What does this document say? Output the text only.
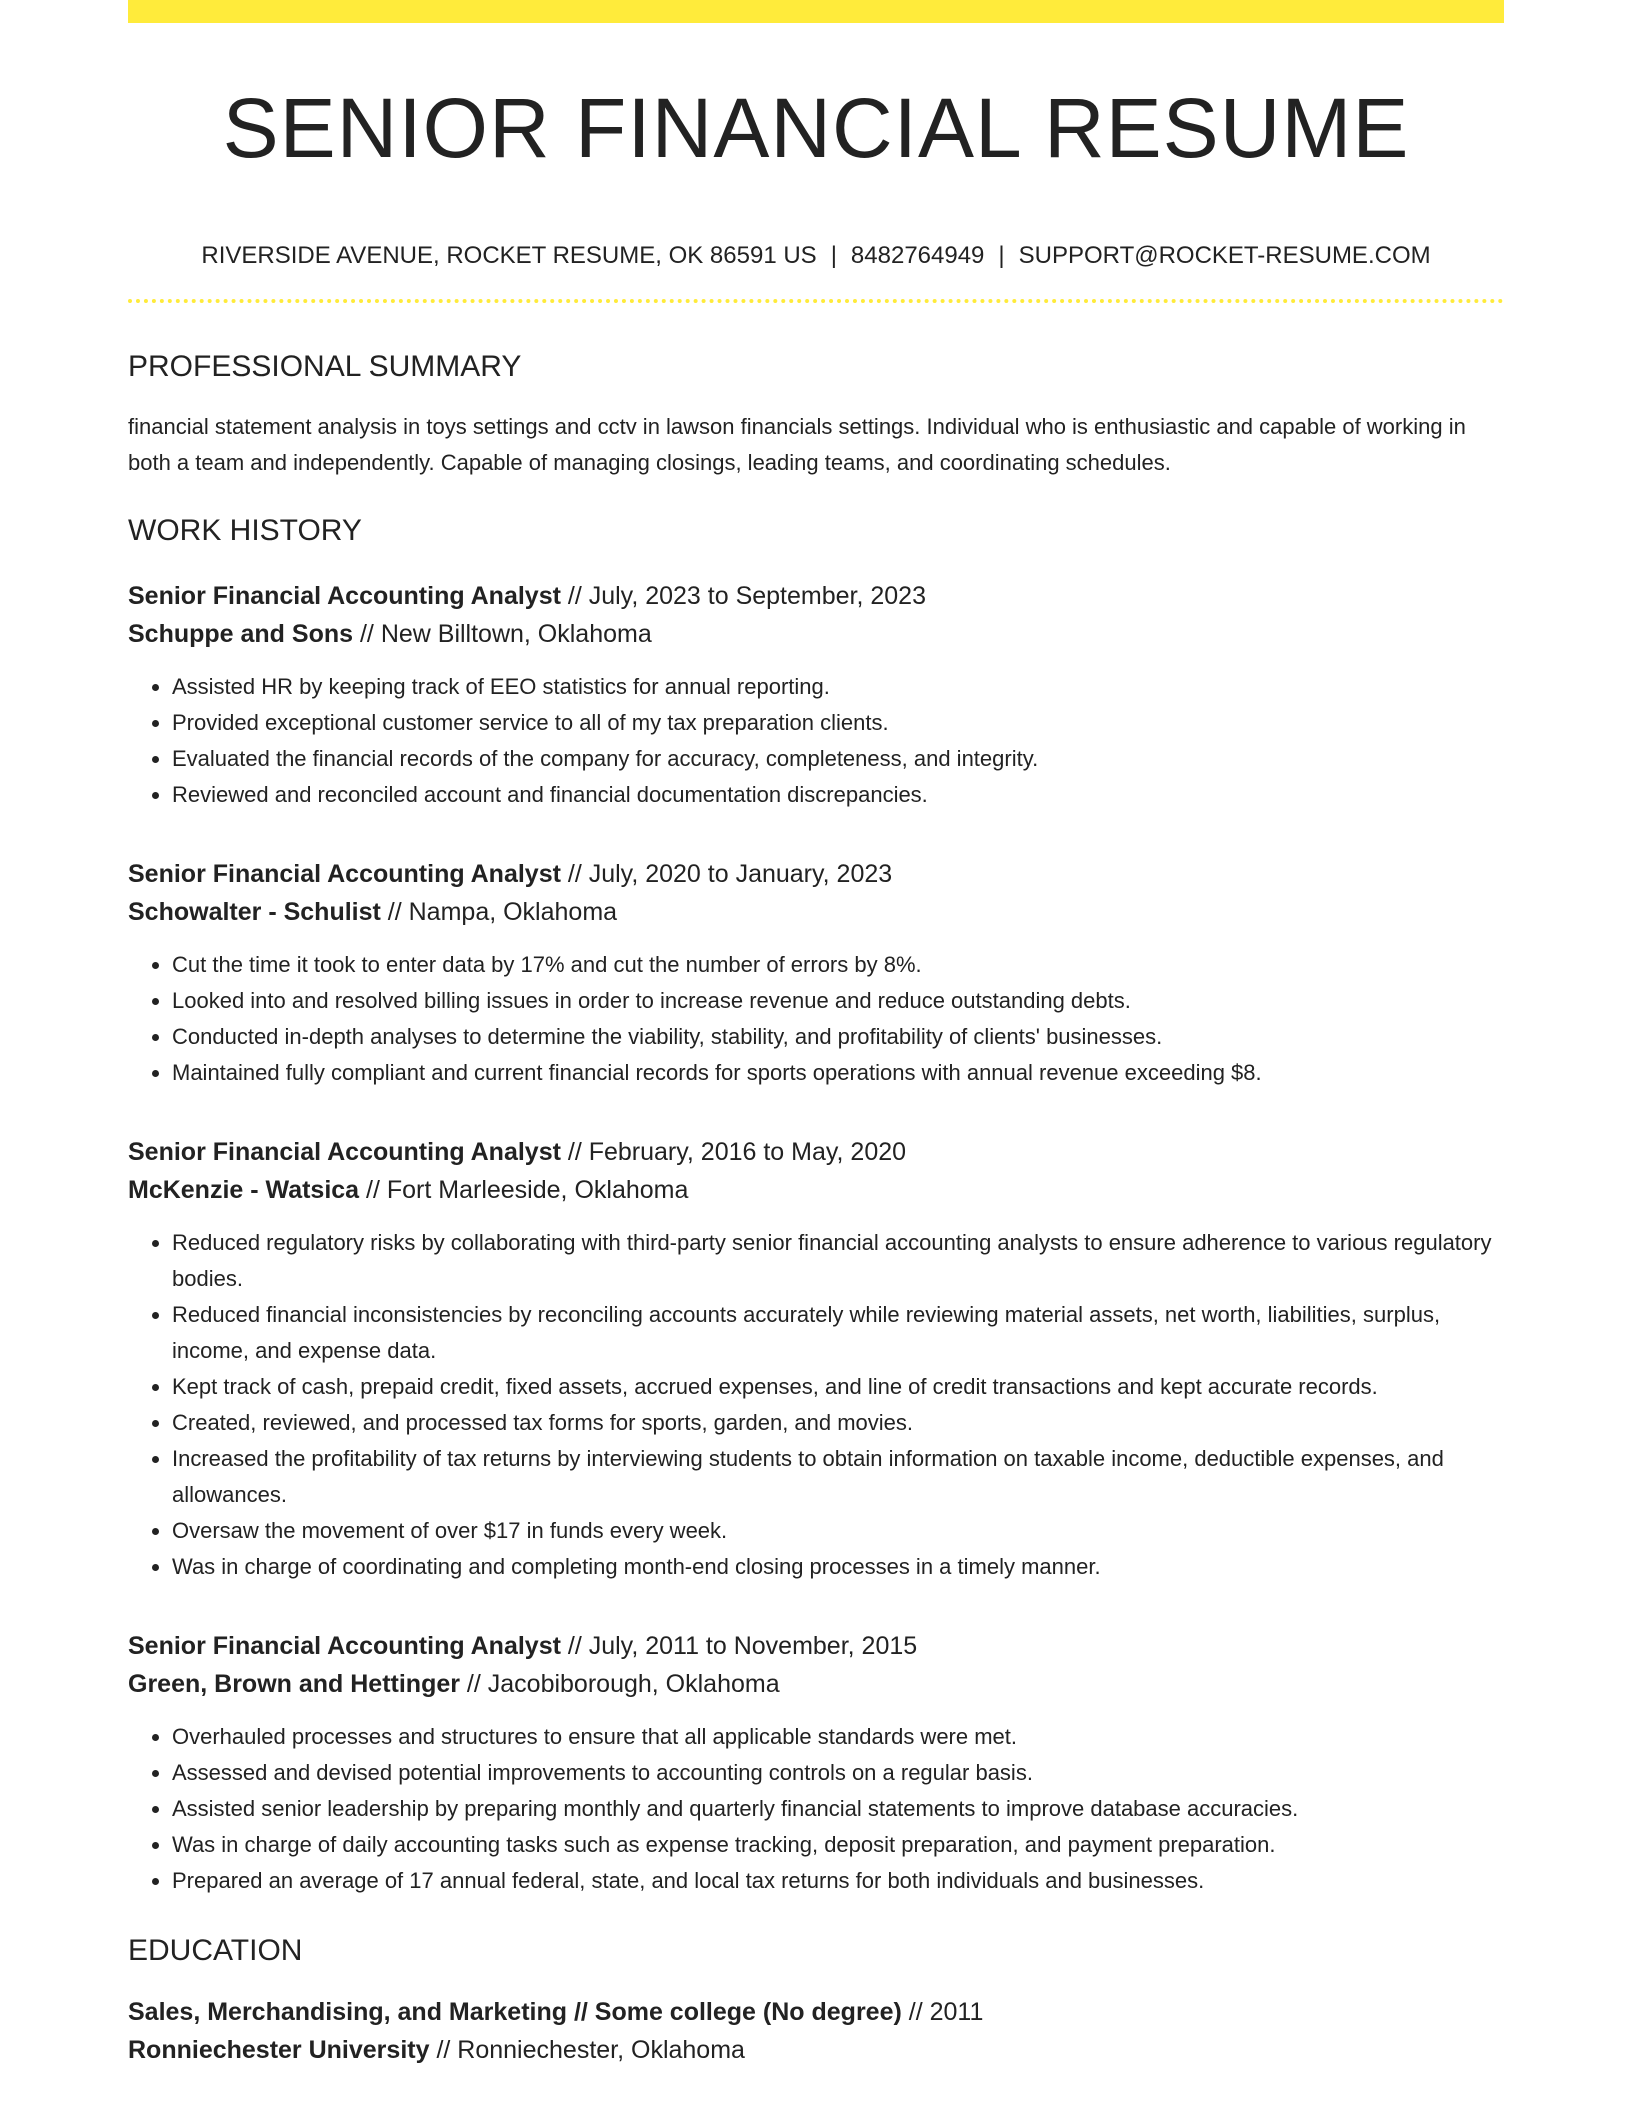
SENIOR FINANCIAL RESUME
RIVERSIDE AVENUE, ROCKET RESUME, OK 86591 US | 8482764949 | SUPPORT@ROCKET-RESUME.COM
PROFESSIONAL SUMMARY

financial statement analysis in toys settings and cctv in lawson financials settings. Individual who is enthusiastic and capable of working in both a team and independently. Capable of managing closings, leading teams, and coordinating schedules.

WORK HISTORY
Senior Financial Accounting Analyst // July, 2023 to September, 2023
Schuppe and Sons // New Billtown, Oklahoma
• Assisted HR by keeping track of EEO statistics for annual reporting.
• Provided exceptional customer service to all of my tax preparation clients.
• Evaluated the financial records of the company for accuracy, completeness, and integrity.
• Reviewed and reconciled account and financial documentation discrepancies.
Senior Financial Accounting Analyst // July, 2020 to January, 2023
Schowalter - Schulist // Nampa, Oklahoma
• Cut the time it took to enter data by 17% and cut the number of errors by 8%.
• Looked into and resolved billing issues in order to increase revenue and reduce outstanding debts.
• Conducted in-depth analyses to determine the viability, stability, and profitability of clients' businesses.
• Maintained fully compliant and current financial records for sports operations with annual revenue exceeding $8.
Senior Financial Accounting Analyst // February, 2016 to May, 2020
McKenzie - Watsica // Fort Marleeside, Oklahoma
• Reduced regulatory risks by collaborating with third-party senior financial accounting analysts to ensure adherence to various regulatory bodies.
• Reduced financial inconsistencies by reconciling accounts accurately while reviewing material assets, net worth, liabilities, surplus, income, and expense data.
• Kept track of cash, prepaid credit, fixed assets, accrued expenses, and line of credit transactions and kept accurate records.
• Created, reviewed, and processed tax forms for sports, garden, and movies.
• Increased the profitability of tax returns by interviewing students to obtain information on taxable income, deductible expenses, and allowances.
• Oversaw the movement of over $17 in funds every week.
• Was in charge of coordinating and completing month-end closing processes in a timely manner.
Senior Financial Accounting Analyst // July, 2011 to November, 2015
Green, Brown and Hettinger // Jacobiborough, Oklahoma
• Overhauled processes and structures to ensure that all applicable standards were met.
• Assessed and devised potential improvements to accounting controls on a regular basis.
• Assisted senior leadership by preparing monthly and quarterly financial statements to improve database accuracies.
• Was in charge of daily accounting tasks such as expense tracking, deposit preparation, and payment preparation.
• Prepared an average of 17 annual federal, state, and local tax returns for both individuals and businesses.
EDUCATION
Sales, Merchandising, and Marketing // Some college (No degree) // 2011
Ronniechester University // Ronniechester, Oklahoma
